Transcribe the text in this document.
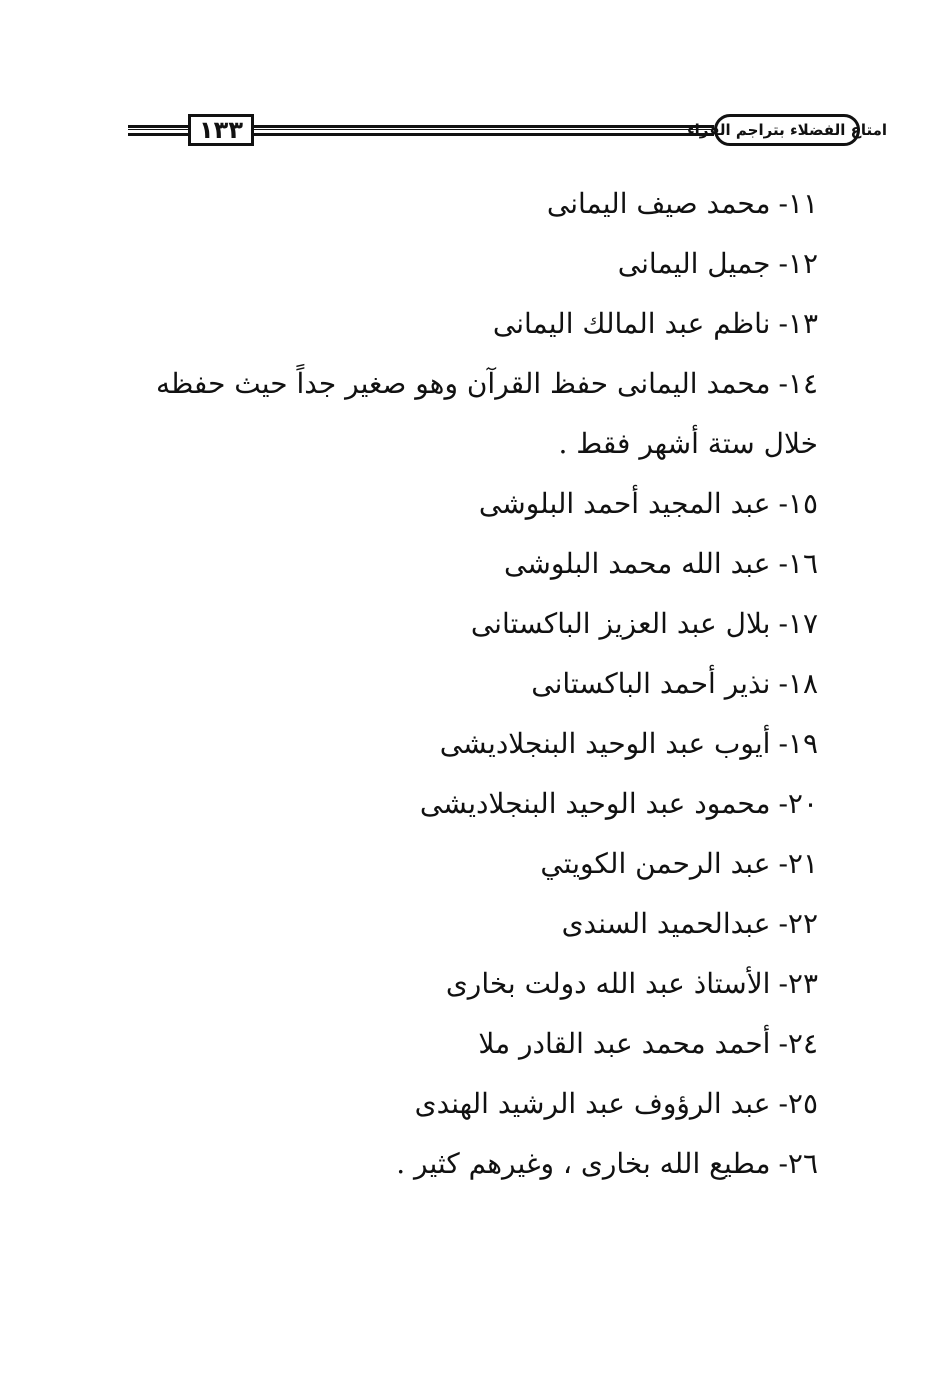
امتاع الفضلاء بتراجم القراء
١٣٣
١١-محمد صيف اليمانى
١٢-جميل اليمانى
١٣-ناظم عبد المالك اليمانى
١٤-محمد اليمانى حفظ القرآن وهو صغير جداً حيث حفظه خلال ستة أشهر فقط .
١٥-عبد المجيد أحمد البلوشى
١٦-عبد الله محمد البلوشى
١٧-بلال عبد العزيز الباكستانى
١٨-نذير أحمد الباكستانى
١٩-أيوب عبد الوحيد البنجلاديشى
٢٠-محمود عبد الوحيد البنجلاديشى
٢١-عبد الرحمن الكويتي
٢٢-عبدالحميد السندى
٢٣-الأستاذ عبد الله دولت بخارى
٢٤-أحمد محمد عبد القادر ملا
٢٥-عبد الرؤوف عبد الرشيد الهندى
٢٦-مطيع الله بخارى ، وغيرهم كثير .
